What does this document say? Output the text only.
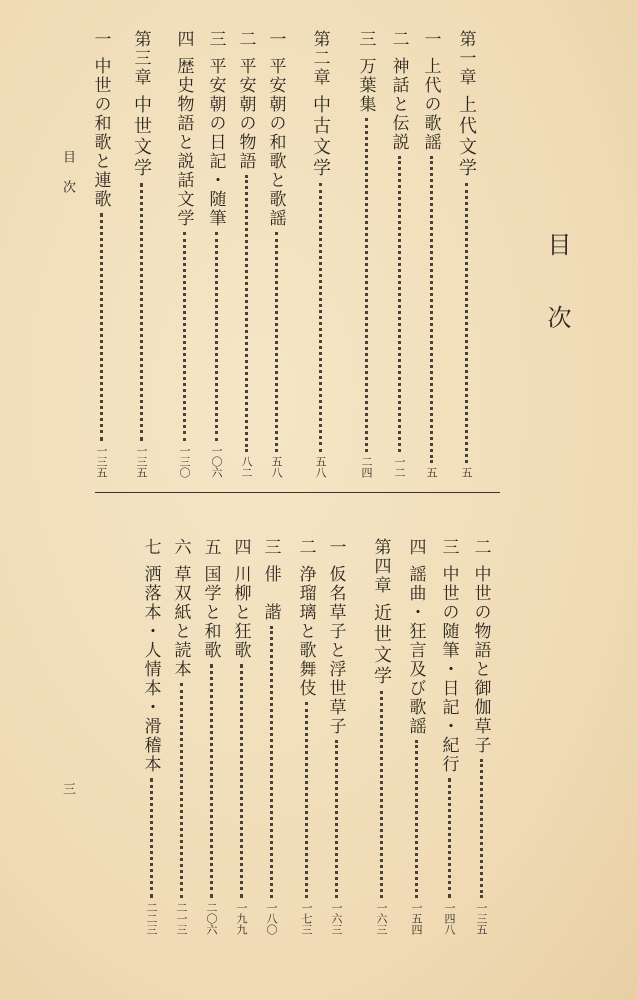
目
次
第一章
上代文学
五
一
上代の歌謡
五
二
神話と伝説
一二
三
万葉集
二四
第二章
中古文学
五八
一
平安朝の和歌と歌謡
五八
二
平安朝の物語
八二
三
平安朝の日記・随筆
一〇六
四
歴史物語と説話文学
一三〇
第三章
中世文学
一三五
一
中世の和歌と連歌
一三五
二
中世の物語と御伽草子
一三五
三
中世の随筆・日記・紀行
一四八
四
謡曲・狂言及び歌謡
一五四
第四章
近世文学
一六三
一
仮名草子と浮世草子
一六三
二
浄瑠璃と歌舞伎
一七三
三
俳　諧
一八〇
四
川柳と狂歌
一九九
五
国学と和歌
二〇六
六
草双紙と読本
二一三
七
洒落本・人情本・滑稽本
二二三
目　次
三
